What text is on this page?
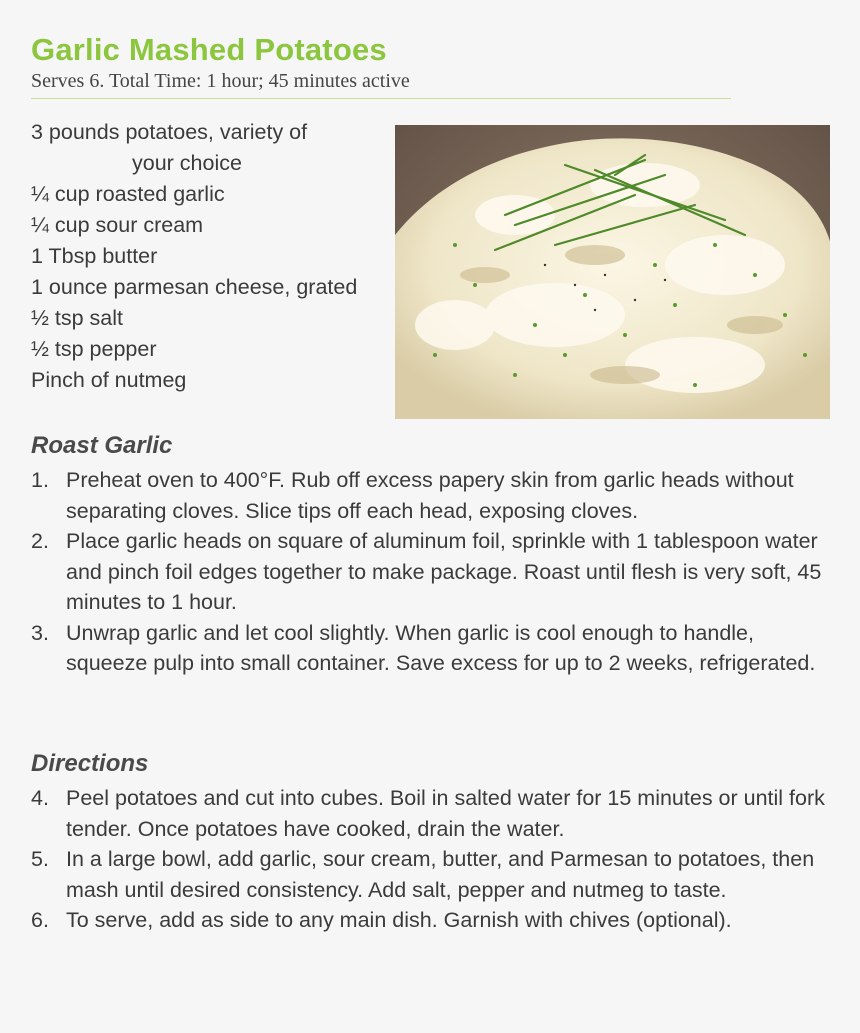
Garlic Mashed Potatoes
Serves 6. Total Time: 1 hour; 45 minutes active
3 pounds potatoes, variety of
your choice
¼ cup roasted garlic
¼ cup sour cream
1 Tbsp butter
1 ounce parmesan cheese, grated
½ tsp salt
½ tsp pepper
Pinch of nutmeg
Roast Garlic
1. Preheat oven to 400°F. Rub off excess papery skin from garlic heads without separating cloves. Slice tips off each head, exposing cloves.
2. Place garlic heads on square of aluminum foil, sprinkle with 1 tablespoon water and pinch foil edges together to make package. Roast until flesh is very soft, 45 minutes to 1 hour.
3. Unwrap garlic and let cool slightly. When garlic is cool enough to handle, squeeze pulp into small container. Save excess for up to 2 weeks, refrigerated.
Directions
4. Peel potatoes and cut into cubes. Boil in salted water for 15 minutes or until fork tender. Once potatoes have cooked, drain the water.
5. In a large bowl, add garlic, sour cream, butter, and Parmesan to potatoes, then mash until desired consistency. Add salt, pepper and nutmeg to taste.
6. To serve, add as side to any main dish. Garnish with chives (optional).
